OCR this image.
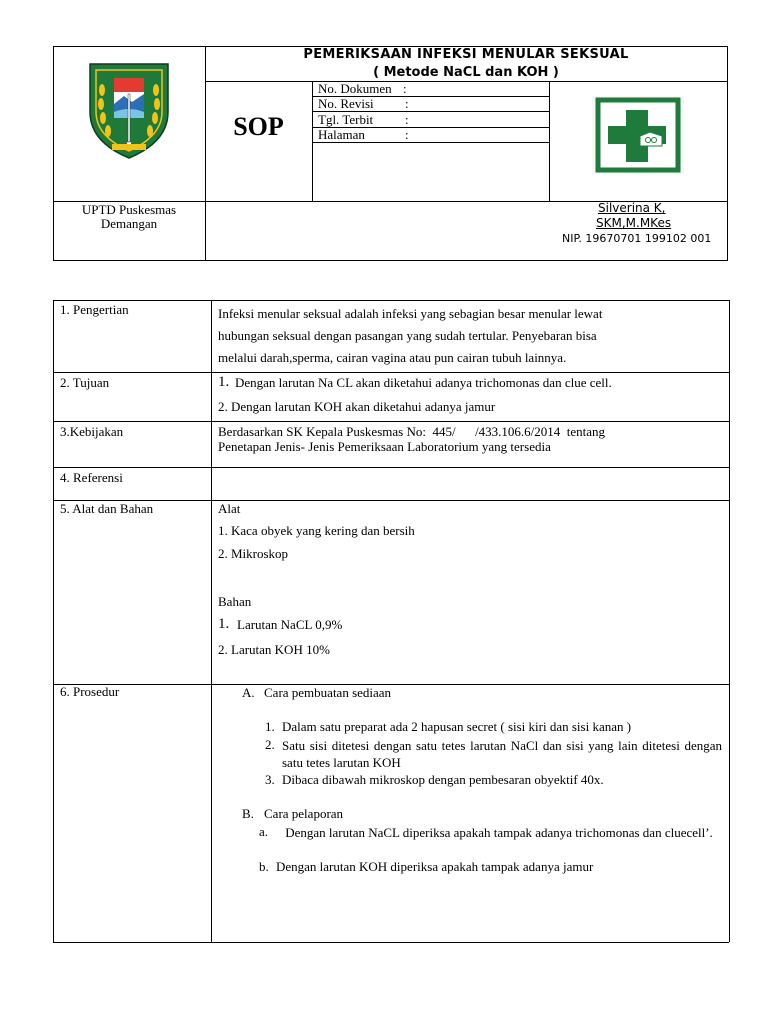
PEMERIKSAAN INFEKSI MENULAR SEKSUAL
( Metode NaCL dan KOH )
SOP
No. Dokumen :
No. Revisi :
Tgl. Terbit :
Halaman	:
UPTD Puskesmas
Demangan
Silverina K,
SKM,M.MKes
NIP. 19670701 199102 001
1. Pengertian	Infeksi menular seksual adalah infeksi yang sebagian besar menular lewat
hubungan seksual dengan pasangan yang sudah tertular. Penyebaran bisa
melalui darah,sperma, cairan vagina atau pun cairan tubuh lainnya.
2. Tujuan	1. Dengan larutan Na CL akan diketahui adanya trichomonas dan clue cell.
2. Dengan larutan KOH akan diketahui adanya jamur
3.Kebijakan	Berdasarkan SK Kepala Puskesmas No:  445/      /433.106.6/2014  tentang
Penetapan Jenis- Jenis Pemeriksaan Laboratorium yang tersedia
4. Referensi
5. Alat dan Bahan	Alat
1. Kaca obyek yang kering dan bersih
2. Mikroskop
Bahan
1. Larutan NaCL 0,9%
2. Larutan KOH 10%
6. Prosedur	A. Cara pembuatan sediaan
1. Dalam satu preparat ada 2 hapusan secret ( sisi kiri dan sisi kanan )
2. Satu sisi ditetesi dengan satu tetes larutan NaCl dan sisi yang lain ditetesi dengan satu tetes larutan KOH
3. Dibaca dibawah mikroskop dengan pembesaran obyektif 40x.
B. Cara pelaporan
a.	Dengan larutan NaCL diperiksa apakah tampak adanya trichomonas dan cluecell’.
b. Dengan larutan KOH diperiksa apakah tampak adanya jamur
